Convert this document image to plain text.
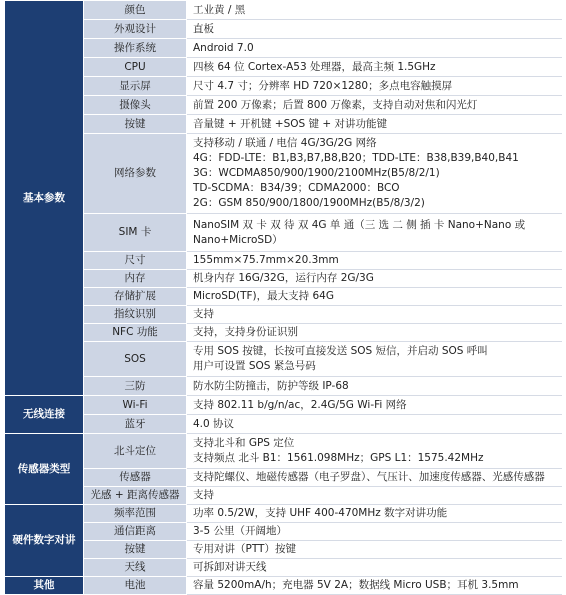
基本参数	颜色	工业黄 / 黑

	外观设计	直板

	操作系统	Android 7.0

	CPU	四核 64 位 Cortex-A53 处理器，最高主频 1.5GHz

	显示屏	尺寸 4.7 寸；分辨率 HD 720×1280；多点电容触摸屏

	摄像头	前置 200 万像素；后置 800 万像素，支持自动对焦和闪光灯

	按键	音量键 + 开机键 +SOS 键 + 对讲功能键

	网络参数	支持移动 / 联通 / 电信 4G/3G/2G 网络
4G：FDD-LTE：B1,B3,B7,B8,B20；TDD-LTE：B38,B39,B40,B41
3G：WCDMA850/900/1900/2100MHz(B5/8/2/1)
TD-SCDMA：B34/39；CDMA2000：BCO
2G：GSM 850/900/1800/1900MHz(B5/8/3/2)

	SIM 卡	NanoSIM 双 卡 双 待 双 4G 单 通（三 选 二 侧 插 卡 Nano+Nano 或 Nano+MicroSD）

	尺寸	155mm×75.7mm×20.3mm

	内存	机身内存 16G/32G，运行内存 2G/3G

	存储扩展	MicroSD(TF)，最大支持 64G

	指纹识别	支持

	NFC 功能	支持，支持身份证识别

	SOS	专用 SOS 按键，长按可直接发送 SOS 短信，并启动 SOS 呼叫
用户可设置 SOS 紧急号码

	三防	防水防尘防撞击，防护等级 IP-68

无线连接	Wi-Fi	支持 802.11 b/g/n/ac，2.4G/5G Wi-Fi 网络

	蓝牙	4.0 协议

传感器类型	北斗定位	支持北斗和 GPS 定位
支持频点 北斗 B1：1561.098MHz；GPS L1：1575.42MHz

	传感器	支持陀螺仪、地磁传感器（电子罗盘）、气压计、加速度传感器、光感传感器

	光感 + 距离传感器	支持

硬件数字对讲	频率范围	功率 0.5/2W，支持 UHF 400-470MHz 数字对讲功能

	通信距离	3-5 公里（开阔地）

	按键	专用对讲（PTT）按键

	天线	可拆卸对讲天线

其他	电池	容量 5200mA/h；充电器 5V 2A；数据线 Micro USB；耳机 3.5mm
